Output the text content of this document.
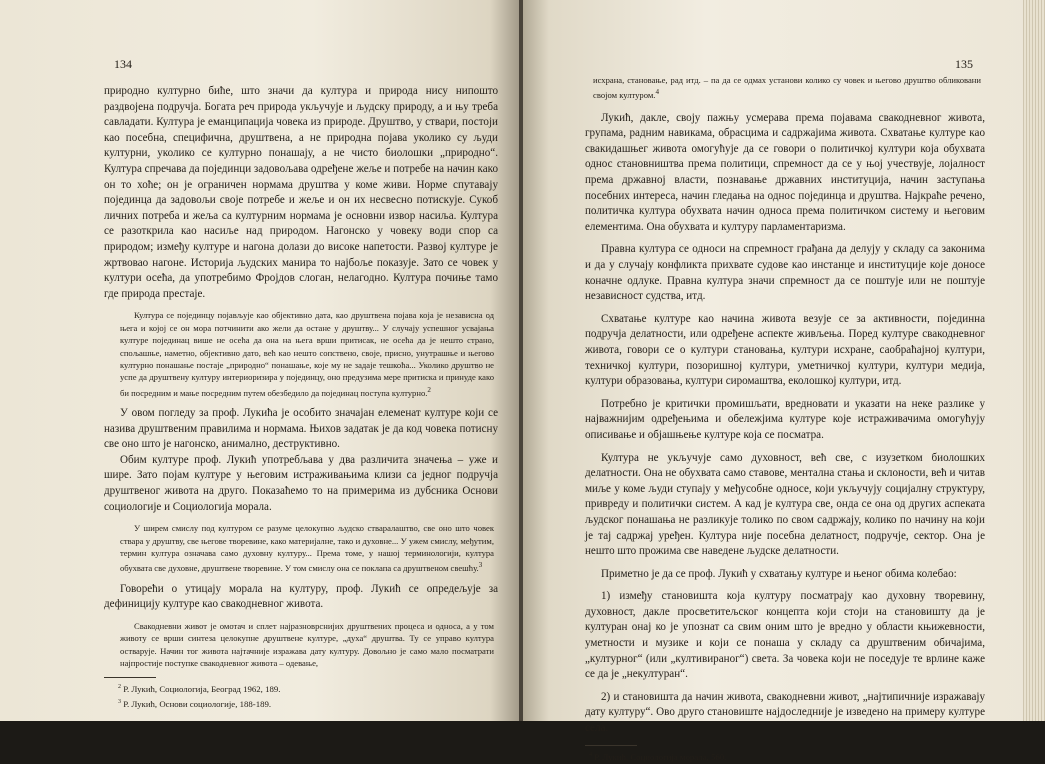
134

природно културно биће, што значи да култура и природа нису нипошто раздвојена подручја. Богата реч природа укључује и људску природу, а и њу треба савладати. Култура је еманципација човека из природе. Друштво, у ствари, постоји као посебна, специфична, друштвена, а не природна појава уколико су људи културни, уколико се културно понашају, а не чисто биолошки „природно“. Култура спречава да појединци задовољава одређене жеље и потребе на начин како он то хоће; он је ограничен нормама друштва у коме живи. Норме спутавају појединца да задовољи своје потребе и жеље и он их несвесно потискује. Сукоб личних потреба и жеља са културним нормама је основни извор насиља. Култура се разоткрила као насиље над природом. Нагонско у човеку води спор са природом; између културе и нагона долази до високе напетости. Развој културе је жртвовао нагоне. Историја људских манира то најбоље показује. Зато се човек у култури осећа, да употребимо Фројдов слоган, нелагодно. Култура почиње тамо где природа престаје.

Култура се појединцу појављује као објективно дата, као друштвена појава која је независна од њега и којој се он мора потчинити ако жели да остане у друштву... У случају успешног усвајања културе појединац више не осећа да она на њега врши притисак, не осећа да је нешто страно, спољашње, наметно, објективно дато, већ као нешто сопствено, своје, присно, унутрашње и његово културно понашање постаје „природно“ понашање, које му не задаје тешкоћа... Уколико друштво не успе да друштвену културу интериоризира у појединцу, оно предузима мере притиска и принуде како би посредним и мање посредним путем обезбедило да појединац поступа културно.$^2$

У овом погледу за проф. Лукића је особито значајан елеменат културе који се назива друштвеним правилима и нормама. Њихов задатак је да код човека потисну све оно што је нагонско, анимално, деструктивно.

Обим културе проф. Лукић употребљава у два различита значења – уже и шире. Зато појам културе у његовим истраживањима клизи са једног подручја друштвеног живота на друго. Показаћемо то на примерима из дубсника Основи социологије и Социологија морала.

У ширем смислу под културом се разуме целокупно људско стваралаштво, све оно што човек ствара у друштву, све његове творевине, како материјалне, тако и духовне... У ужем смислу, међутим, термин култура означава само духовну културу... Према томе, у нашој терминологији, култура обухвата све духовне, друштвене творевине. У том смислу она се поклапа са друштвеном свешћу.$^3$

Говорећи о утицају морала на културу, проф. Лукић се опредељује за дефиницију културе као свакодневног живота.

Свакодневни живот је омотач и сплет најразноврснијих друштвених процеса и односа, а у том животу се врши синтеза целокупне друштвене културе, „духа“ друштва. Ту се управо култура остварује. Начин тог живота најтачније изражава дату културу. Довољно је само мало посматрати најпростије поступке свакодневног живота – одевање,

$^2$ Р. Лукић, Социологија, Београд 1962, 189.

$^3$ Р. Лукић, Основи социологије, 188-189.

135

исхрана, становање, рад итд. – па да се одмах установи колико су човек и његово друштво обликовани својом културом.$^4$

Лукић, дакле, своју пажњу усмерава према појавама свакодневног живота, групама, радним навикама, обрасцима и садржајима живота. Схватање културе као свакидашњег живота омогућује да се говори о политичкој култури која обухвата однос становништва према политици, спремност да се у њој учествује, лојалност према државној власти, познавање државних институција, начин заступања посебних интереса, начин гледања на однос појединца и друштва. Најкраће речено, политичка култура обухвата начин односа према политичком систему и његовим елементима. Она обухвата и културу парламентаризма.

Правна култура се односи на спремност грађана да делују у складу са законима и да у случају конфликта прихвате судове као инстанце и институције које доносе коначне одлуке. Правна култура значи спремност да се поштује или не поштује независност судства, итд.

Схватање културе као начина живота везује се за активности, појединна подручја делатности, или одређене аспекте живљења. Поред културе свакодневног живота, говори се о култури становања, култури исхране, саобраћајној култури, техничкој култури, позоришној култури, уметничкој култури, култури медија, култури образовања, култури сиромаштва, еколошкој култури, итд.

Потребно је критички промишљати, вредновати и указати на неке разлике у најважнијим одређењима и обележјима културе које истраживачима омогућују описивање и објашњење културе која се посматра.

Култура не укључује само духовност, већ све, с изузетком биолошких делатности. Она не обухвата само ставове, ментална стања и склоности, већ и читав миље у коме људи ступају у међусобне односе, који укључују социјалну структуру, привреду и политички систем. А кад је култура све, онда се она од других аспеката људског понашања не разликује толико по свом садржају, колико по начину на који је тај садржај уређен. Култура није посебна делатност, подручје, сектор. Она је нешто што прожима све наведене људске делатности.

Приметно је да се проф. Лукић у схватању културе и њеног обима колебао:

1) између становишта која културу посматрају као духовну творевину, духовност, дакле просветитељског концепта који стоји на становишту да је културан онај ко је упознат са свим оним што је вредно у области књижевности, уметности и музике и који се понаша у складу са друштвеним обичајима, „културног“ (или „култивираног“) света. За човека који не поседује те врлине каже се да је „некултуран“.

2) и становишта да начин живота, свакодневни живот, „најтипичније изражавају дату културу“. Ово друго становиште најдоследније је изведено на примеру културе села.

$^4$ Р. Лукић, Социологија морала, 560.
